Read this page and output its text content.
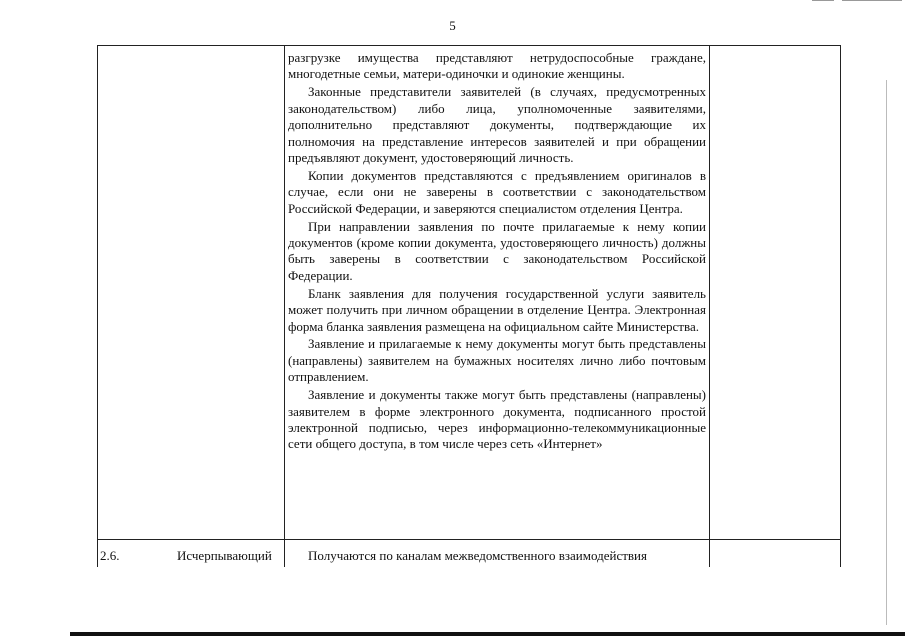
5

разгрузке имущества представляют нетрудоспособные граждане, многодетные семьи, матери-одиночки и одинокие женщины.

Законные представители заявителей (в случаях, предусмотренных законодательством) либо лица, уполномоченные заявителями, дополнительно представляют документы, подтверждающие их полномочия на представление интересов заявителей и при обращении предъявляют документ, удостоверяющий личность.

Копии документов представляются с предъявлением оригиналов в случае, если они не заверены в соответствии с законодательством Российской Федерации, и заверяются специалистом отделения Центра.

При направлении заявления по почте прилагаемые к нему копии документов (кроме копии документа, удостоверяющего личность) должны быть заверены в соответствии с законодательством Российской Федерации.

Бланк заявления для получения государственной услуги заявитель может получить при личном обращении в отделение Центра. Электронная форма бланка заявления размещена на официальном сайте Министерства.

Заявление и прилагаемые к нему документы могут быть представлены (направлены) заявителем на бумажных носителях лично либо почтовым отправлением.

Заявление и документы также могут быть представлены (направлены) заявителем в форме электронного документа, подписанного простой электронной подписью, через информационно-телекоммуникационные сети общего доступа, в том числе через сеть «Интернет»

2.6.	Исчерпывающий	Получаются по каналам межведомственного взаимодействия
